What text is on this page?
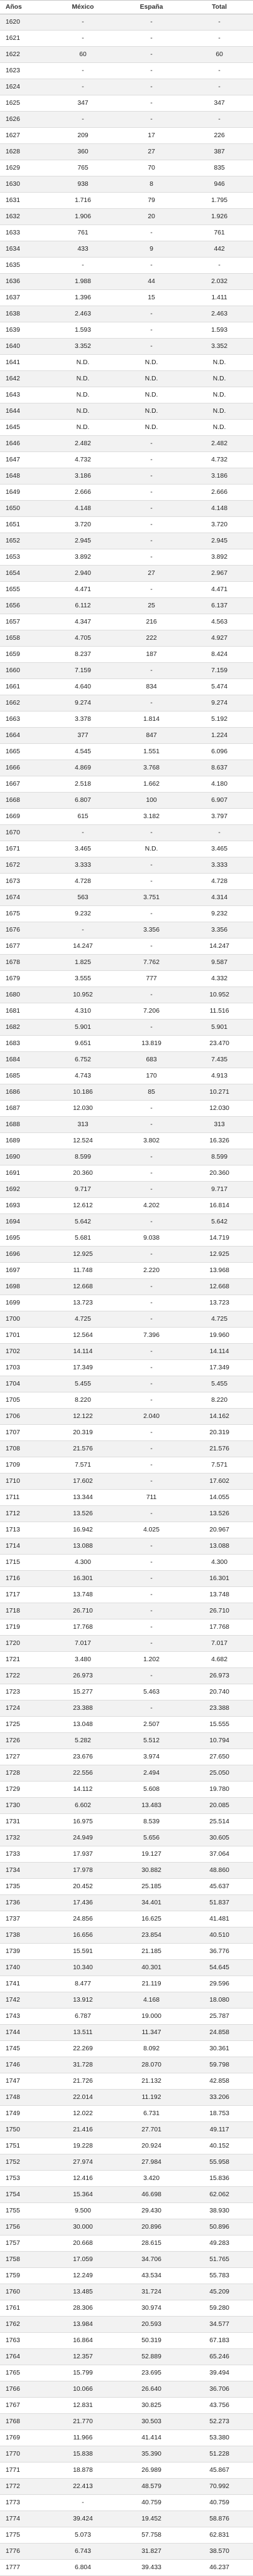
Años	México	España	Total
1620	-	-	-
1621	-	-	-
1622	60	-	60
1623	-	-	-
1624	-	-	-
1625	347	-	347
1626	-	-	-
1627	209	17	226
1628	360	27	387
1629	765	70	835
1630	938	8	946
1631	1.716	79	1.795
1632	1.906	20	1.926
1633	761	-	761
1634	433	9	442
1635	-	-	-
1636	1.988	44	2.032
1637	1.396	15	1.411
1638	2.463	-	2.463
1639	1.593	-	1.593
1640	3.352	-	3.352
1641	N.D.	N.D.	N.D.
1642	N.D.	N.D.	N.D.
1643	N.D.	N.D.	N.D.
1644	N.D.	N.D.	N.D.
1645	N.D.	N.D.	N.D.
1646	2.482	-	2.482
1647	4.732	-	4.732
1648	3.186	-	3.186
1649	2.666	-	2.666
1650	4.148	-	4.148
1651	3.720	-	3.720
1652	2.945	-	2.945
1653	3.892	-	3.892
1654	2.940	27	2.967
1655	4.471	-	4.471
1656	6.112	25	6.137
1657	4.347	216	4.563
1658	4.705	222	4.927
1659	8.237	187	8.424
1660	7.159	-	7.159
1661	4.640	834	5.474
1662	9.274	-	9.274
1663	3.378	1.814	5.192
1664	377	847	1.224
1665	4.545	1.551	6.096
1666	4.869	3.768	8.637
1667	2.518	1.662	4.180
1668	6.807	100	6.907
1669	615	3.182	3.797
1670	-	-	-
1671	3.465	N.D.	3.465
1672	3.333	-	3.333
1673	4.728	-	4.728
1674	563	3.751	4.314
1675	9.232	-	9.232
1676	-	3.356	3.356
1677	14.247	-	14.247
1678	1.825	7.762	9.587
1679	3.555	777	4.332
1680	10.952	-	10.952
1681	4.310	7.206	11.516
1682	5.901	-	5.901
1683	9.651	13.819	23.470
1684	6.752	683	7.435
1685	4.743	170	4.913
1686	10.186	85	10.271
1687	12.030	-	12.030
1688	313	-	313
1689	12.524	3.802	16.326
1690	8.599	-	8.599
1691	20.360	-	20.360
1692	9.717	-	9.717
1693	12.612	4.202	16.814
1694	5.642	-	5.642
1695	5.681	9.038	14.719
1696	12.925	-	12.925
1697	11.748	2.220	13.968
1698	12.668	-	12.668
1699	13.723	-	13.723
1700	4.725	-	4.725
1701	12.564	7.396	19.960
1702	14.114	-	14.114
1703	17.349	-	17.349
1704	5.455	-	5.455
1705	8.220	-	8.220
1706	12.122	2.040	14.162
1707	20.319	-	20.319
1708	21.576	-	21.576
1709	7.571	-	7.571
1710	17.602	-	17.602
1711	13.344	711	14.055
1712	13.526	-	13.526
1713	16.942	4.025	20.967
1714	13.088	-	13.088
1715	4.300	-	4.300
1716	16.301	-	16.301
1717	13.748	-	13.748
1718	26.710	-	26.710
1719	17.768	-	17.768
1720	7.017	-	7.017
1721	3.480	1.202	4.682
1722	26.973	-	26.973
1723	15.277	5.463	20.740
1724	23.388	-	23.388
1725	13.048	2.507	15.555
1726	5.282	5.512	10.794
1727	23.676	3.974	27.650
1728	22.556	2.494	25.050
1729	14.112	5.608	19.780
1730	6.602	13.483	20.085
1731	16.975	8.539	25.514
1732	24.949	5.656	30.605
1733	17.937	19.127	37.064
1734	17.978	30.882	48.860
1735	20.452	25.185	45.637
1736	17.436	34.401	51.837
1737	24.856	16.625	41.481
1738	16.656	23.854	40.510
1739	15.591	21.185	36.776
1740	10.340	40.301	54.645
1741	8.477	21.119	29.596
1742	13.912	4.168	18.080
1743	6.787	19.000	25.787
1744	13.511	11.347	24.858
1745	22.269	8.092	30.361
1746	31.728	28.070	59.798
1747	21.726	21.132	42.858
1748	22.014	11.192	33.206
1749	12.022	6.731	18.753
1750	21.416	27.701	49.117
1751	19.228	20.924	40.152
1752	27.974	27.984	55.958
1753	12.416	3.420	15.836
1754	15.364	46.698	62.062
1755	9.500	29.430	38.930
1756	30.000	20.896	50.896
1757	20.668	28.615	49.283
1758	17.059	34.706	51.765
1759	12.249	43.534	55.783
1760	13.485	31.724	45.209
1761	28.306	30.974	59.280
1762	13.984	20.593	34.577
1763	16.864	50.319	67.183
1764	12.357	52.889	65.246
1765	15.799	23.695	39.494
1766	10.066	26.640	36.706
1767	12.831	30.825	43.756
1768	21.770	30.503	52.273
1769	11.966	41.414	53.380
1770	15.838	35.390	51.228
1771	18.878	26.989	45.867
1772	22.413	48.579	70.992
1773	-	40.759	40.759
1774	39.424	19.452	58.876
1775	5.073	57.758	62.831
1776	6.743	31.827	38.570
1777	6.804	39.433	46.237
